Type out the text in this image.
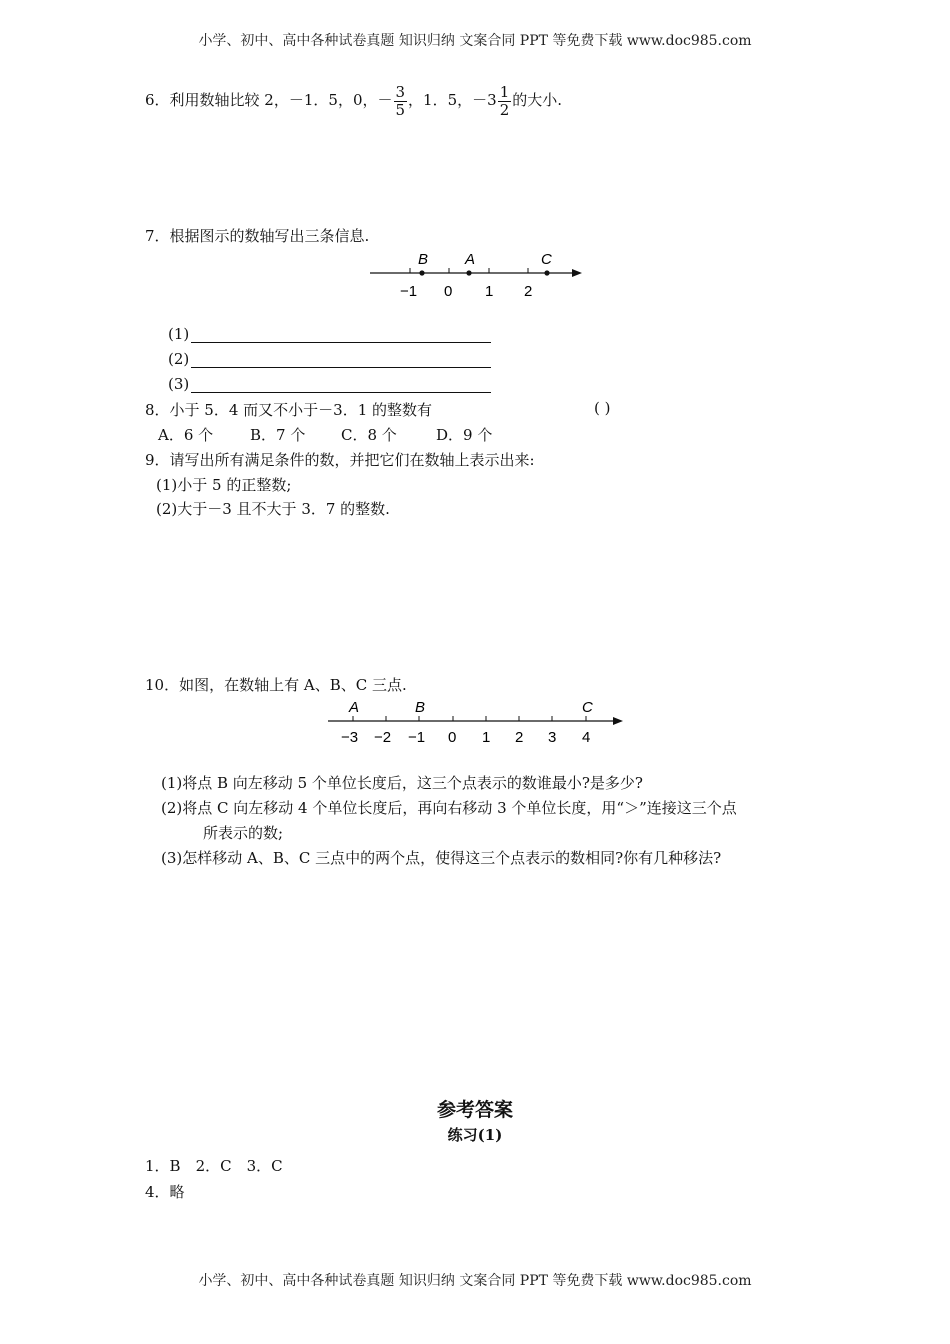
小学、初中、高中各种试卷真题 知识归纳 文案合同 PPT 等免费下载 www.doc985.com
6．利用数轴比较 2，－1．5，0，－ $\frac{3}{5}$ ，1．5，$-3 \frac{1}{2}$ 的大小.
7．根据图示的数轴写出三条信息.
B A	C
−1 0 1 2
(1)
(2)
(3)
8．小于 5．4 而又不小于－3．1 的整数有	( )
A．6 个 B．7 个 C．8 个	D．9 个
9．请写出所有满足条件的数，并把它们在数轴上表示出来:
(1)小于 5 的正整数;
(2)大于－3 且不大于 3．7 的整数.
10．如图，在数轴上有 A、B、C 三点.
A	B	C
−3 −2 −1 0 1 2 3 4
(1)将点 B 向左移动 5 个单位长度后，这三个点表示的数谁最小?是多少?
(2)将点 C 向左移动 4 个单位长度后，再向右移动 3 个单位长度，用“＞”连接这三个点
所表示的数;
(3)怎样移动 A、B、C 三点中的两个点，使得这三个点表示的数相同?你有几种移法?
参考答案
练习(1)
1．B　2．C　3．C
4．略
小学、初中、高中各种试卷真题 知识归纳 文案合同 PPT 等免费下载 www.doc985.com
